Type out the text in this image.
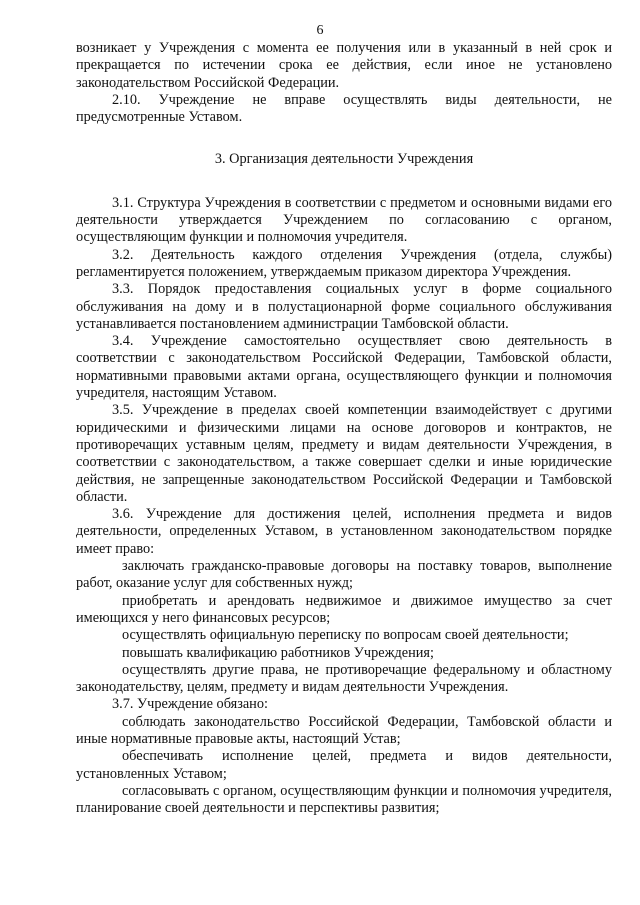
6

возникает у Учреждения с момента ее получения или в указанный в ней срок и прекращается по истечении срока ее действия, если иное не установлено законодательством Российской Федерации.

2.10. Учреждение не вправе осуществлять виды деятельности, не предусмотренные Уставом.

3. Организация деятельности Учреждения

3.1. Структура Учреждения в соответствии с предметом и основными видами его деятельности утверждается Учреждением по согласованию с органом, осуществляющим функции и полномочия учредителя.

3.2. Деятельность каждого отделения Учреждения (отдела, службы) регламентируется положением, утверждаемым приказом директора Учреждения.

3.3. Порядок предоставления социальных услуг в форме социального обслуживания на дому и в полустационарной форме социального обслуживания устанавливается постановлением администрации Тамбовской области.

3.4. Учреждение самостоятельно осуществляет свою деятельность в соответствии с законодательством Российской Федерации, Тамбовской области, нормативными правовыми актами органа, осуществляющего функции и полномочия учредителя, настоящим Уставом.

3.5. Учреждение в пределах своей компетенции взаимодействует с другими юридическими и физическими лицами на основе договоров и контрактов, не противоречащих уставным целям, предмету и видам деятельности Учреждения, в соответствии с законодательством, а также совершает сделки и иные юридические действия, не запрещенные законодательством Российской Федерации и Тамбовской области.

3.6. Учреждение для достижения целей, исполнения предмета и видов деятельности, определенных Уставом, в установленном законодательством порядке имеет право:

заключать гражданско-правовые договоры на поставку товаров, выполнение работ, оказание услуг для собственных нужд;

приобретать и арендовать недвижимое и движимое имущество за счет имеющихся у него финансовых ресурсов;

осуществлять официальную переписку по вопросам своей деятельности;

повышать квалификацию работников Учреждения;

осуществлять другие права, не противоречащие федеральному и областному законодательству, целям, предмету и видам деятельности Учреждения.

3.7. Учреждение обязано:

соблюдать законодательство Российской Федерации, Тамбовской области и иные нормативные правовые акты, настоящий Устав;

обеспечивать исполнение целей, предмета и видов деятельности, установленных Уставом;

согласовывать с органом, осуществляющим функции и полномочия учредителя, планирование своей деятельности и перспективы развития;
